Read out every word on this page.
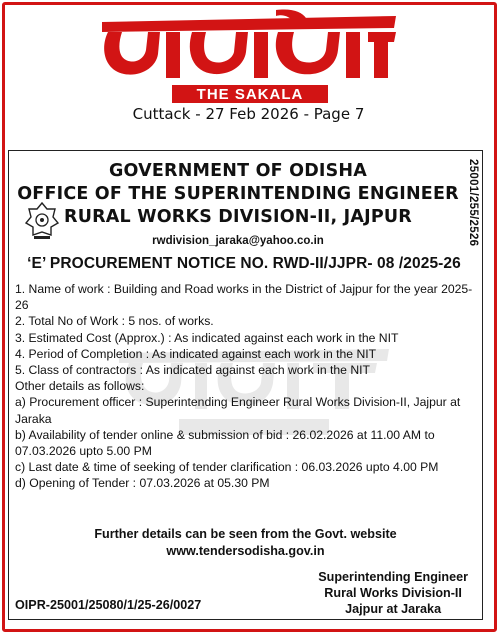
THE SAKALA
Cuttack - 27 Feb 2026 - Page 7
25001/255/2526
GOVERNMENT OF ODISHA
OFFICE OF THE SUPERINTENDING ENGINEER
RURAL WORKS DIVISION-II, JAJPUR
rwdivision_jaraka@yahoo.co.in
‘E’ PROCUREMENT NOTICE NO. RWD-II/JJPR- 08 /2025-26

1. Name of work : Building and Road works in the District of Jajpur for the year 2025-26

2. Total No of Work : 5 nos. of works.

3. Estimated Cost (Approx.) : As indicated against each work in the NIT

4. Period of Completion : As indicated against each work in the NIT

5. Class of contractors : As indicated against each work in the NIT

Other details as follows:

a) Procurement officer : Superintending Engineer Rural Works Division-II, Jajpur at Jaraka

b) Availability of tender online & submission of bid : 26.02.2026 at 11.00 AM to 07.03.2026 upto 5.00 PM

c) Last date & time of seeking of tender clarification : 06.03.2026 upto 4.00 PM

d) Opening of Tender : 07.03.2026 at 05.30 PM

Further details can be seen from the Govt. website
www.tendersodisha.gov.in
Superintending Engineer
Rural Works Division-II
Jajpur at Jaraka
OIPR-25001/25080/1/25-26/0027
